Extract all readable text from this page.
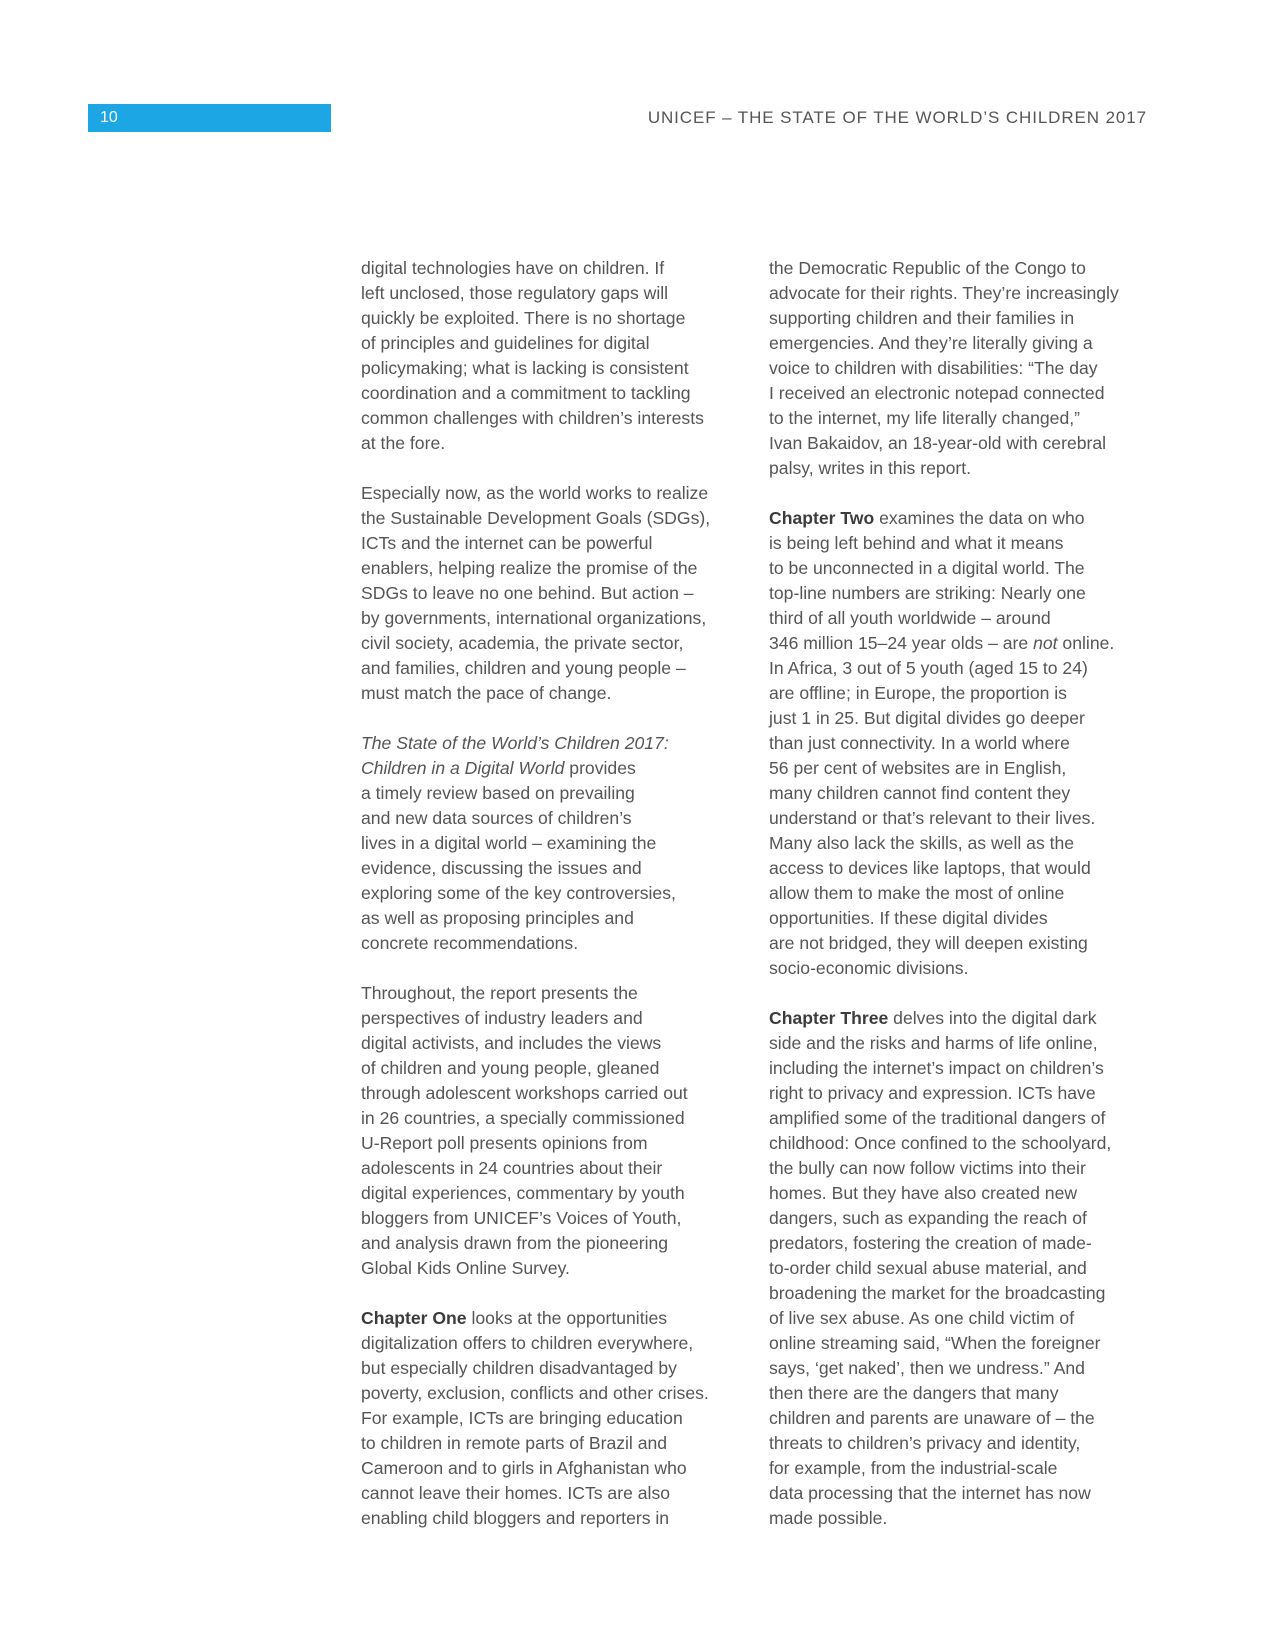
10	UNICEF – THE STATE OF THE WORLD’S CHILDREN 2017

digital technologies have on children. If
left unclosed, those regulatory gaps will
quickly be exploited. There is no shortage
of principles and guidelines for digital
policymaking; what is lacking is consistent
coordination and a commitment to tackling
common challenges with children’s interests
at the fore.

Especially now, as the world works to realize
the Sustainable Development Goals (SDGs),
ICTs and the internet can be powerful
enablers, helping realize the promise of the
SDGs to leave no one behind. But action –
by governments, international organizations,
civil society, academia, the private sector,
and families, children and young people –
must match the pace of change.

The State of the World’s Children 2017:
Children in a Digital World provides
a timely review based on prevailing
and new data sources of children’s
lives in a digital world – examining the
evidence, discussing the issues and
exploring some of the key controversies,
as well as proposing principles and
concrete recommendations.

Throughout, the report presents the
perspectives of industry leaders and
digital activists, and includes the views
of children and young people, gleaned
through adolescent workshops carried out
in 26 countries, a specially commissioned
U-Report poll presents opinions from
adolescents in 24 countries about their
digital experiences, commentary by youth
bloggers from UNICEF’s Voices of Youth,
and analysis drawn from the pioneering
Global Kids Online Survey.

Chapter One looks at the opportunities
digitalization offers to children everywhere,
but especially children disadvantaged by
poverty, exclusion, conflicts and other crises.
For example, ICTs are bringing education
to children in remote parts of Brazil and
Cameroon and to girls in Afghanistan who
cannot leave their homes. ICTs are also
enabling child bloggers and reporters in

the Democratic Republic of the Congo to
advocate for their rights. They’re increasingly
supporting children and their families in
emergencies. And they’re literally giving a
voice to children with disabilities: “The day
I received an electronic notepad connected
to the internet, my life literally changed,”
Ivan Bakaidov, an 18-year-old with cerebral
palsy, writes in this report.

Chapter Two examines the data on who
is being left behind and what it means
to be unconnected in a digital world. The
top-line numbers are striking: Nearly one
third of all youth worldwide – around
346 million 15–24 year olds – are not online.
In Africa, 3 out of 5 youth (aged 15 to 24)
are offline; in Europe, the proportion is
just 1 in 25. But digital divides go deeper
than just connectivity. In a world where
56 per cent of websites are in English,
many children cannot find content they
understand or that’s relevant to their lives.
Many also lack the skills, as well as the
access to devices like laptops, that would
allow them to make the most of online
opportunities. If these digital divides
are not bridged, they will deepen existing
socio-economic divisions.

Chapter Three delves into the digital dark
side and the risks and harms of life online,
including the internet’s impact on children’s
right to privacy and expression. ICTs have
amplified some of the traditional dangers of
childhood: Once confined to the schoolyard,
the bully can now follow victims into their
homes. But they have also created new
dangers, such as expanding the reach of
predators, fostering the creation of made-
to-order child sexual abuse material, and
broadening the market for the broadcasting
of live sex abuse. As one child victim of
online streaming said, “When the foreigner
says, ‘get naked’, then we undress.” And
then there are the dangers that many
children and parents are unaware of – the
threats to children’s privacy and identity,
for example, from the industrial-scale
data processing that the internet has now
made possible.
